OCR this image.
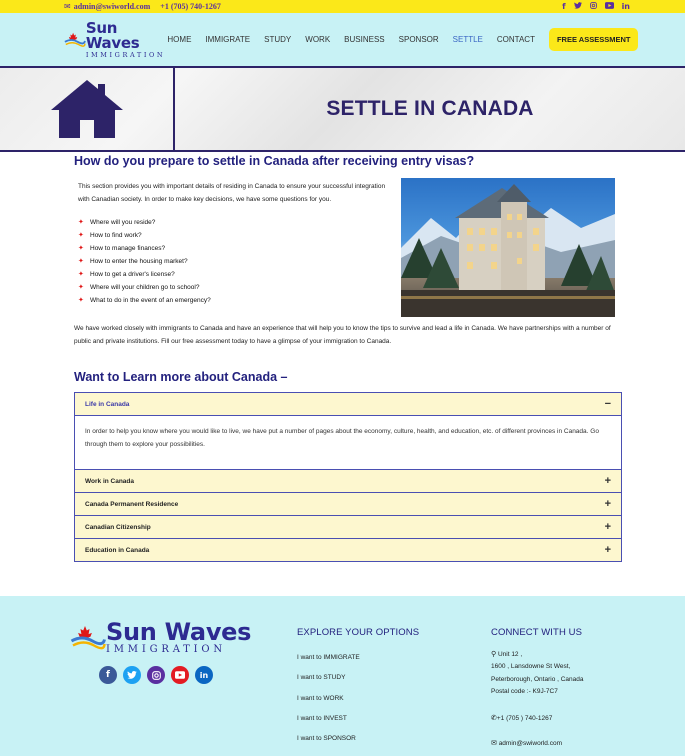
✉ admin@swiworld.com +1 (705) 740-1267	f	in
Sun Waves
IMMIGRATION
HOME IMMIGRATE STUDY WORK BUSINESS SPONSOR SETTLE CONTACT	FREE ASSESSMENT
SETTLE IN CANADA
How do you prepare to settle in Canada after receiving entry visas?

This section provides you with important details of residing in Canada to ensure your successful integration with Canadian society. In order to make key decisions, we have some questions for you.

✦ Where will you reside?
✦ How to find work?
✦ How to manage finances?
✦ How to enter the housing market?
✦ How to get a driver's license?
✦ Where will your children go to school?
✦ What to do in the event of an emergency?

We have worked closely with immigrants to Canada and have an experience that will help you to know the tips to survive and lead a life in Canada. We have partnerships with a number of public and private institutions. Fill our free assessment today to have a glimpse of your immigration to Canada.

Want to Learn more about Canada –
Life in Canada	−
In order to help you know where you would like to live, we have put a number of pages about the economy, culture, health, and education, etc. of different provinces in Canada. Go through them to explore your possibilities.
Work in Canada	+
Canada Permanent Residence	+
Canadian Citizenship	+
Education in Canada	+
Sun Waves
IMMIGRATION
f	in
EXPLORE YOUR OPTIONS
I want to IMMIGRATE
I want to STUDY
I want to WORK
I want to INVEST
I want to SPONSOR
CONNECT WITH US
⚲ Unit 12 ,
1600 , Lansdowne St West,
Peterborough, Ontario , Canada
Postal code :- K9J-7C7
✆+1 (705 ) 740-1267
✉ admin@swiworld.com
